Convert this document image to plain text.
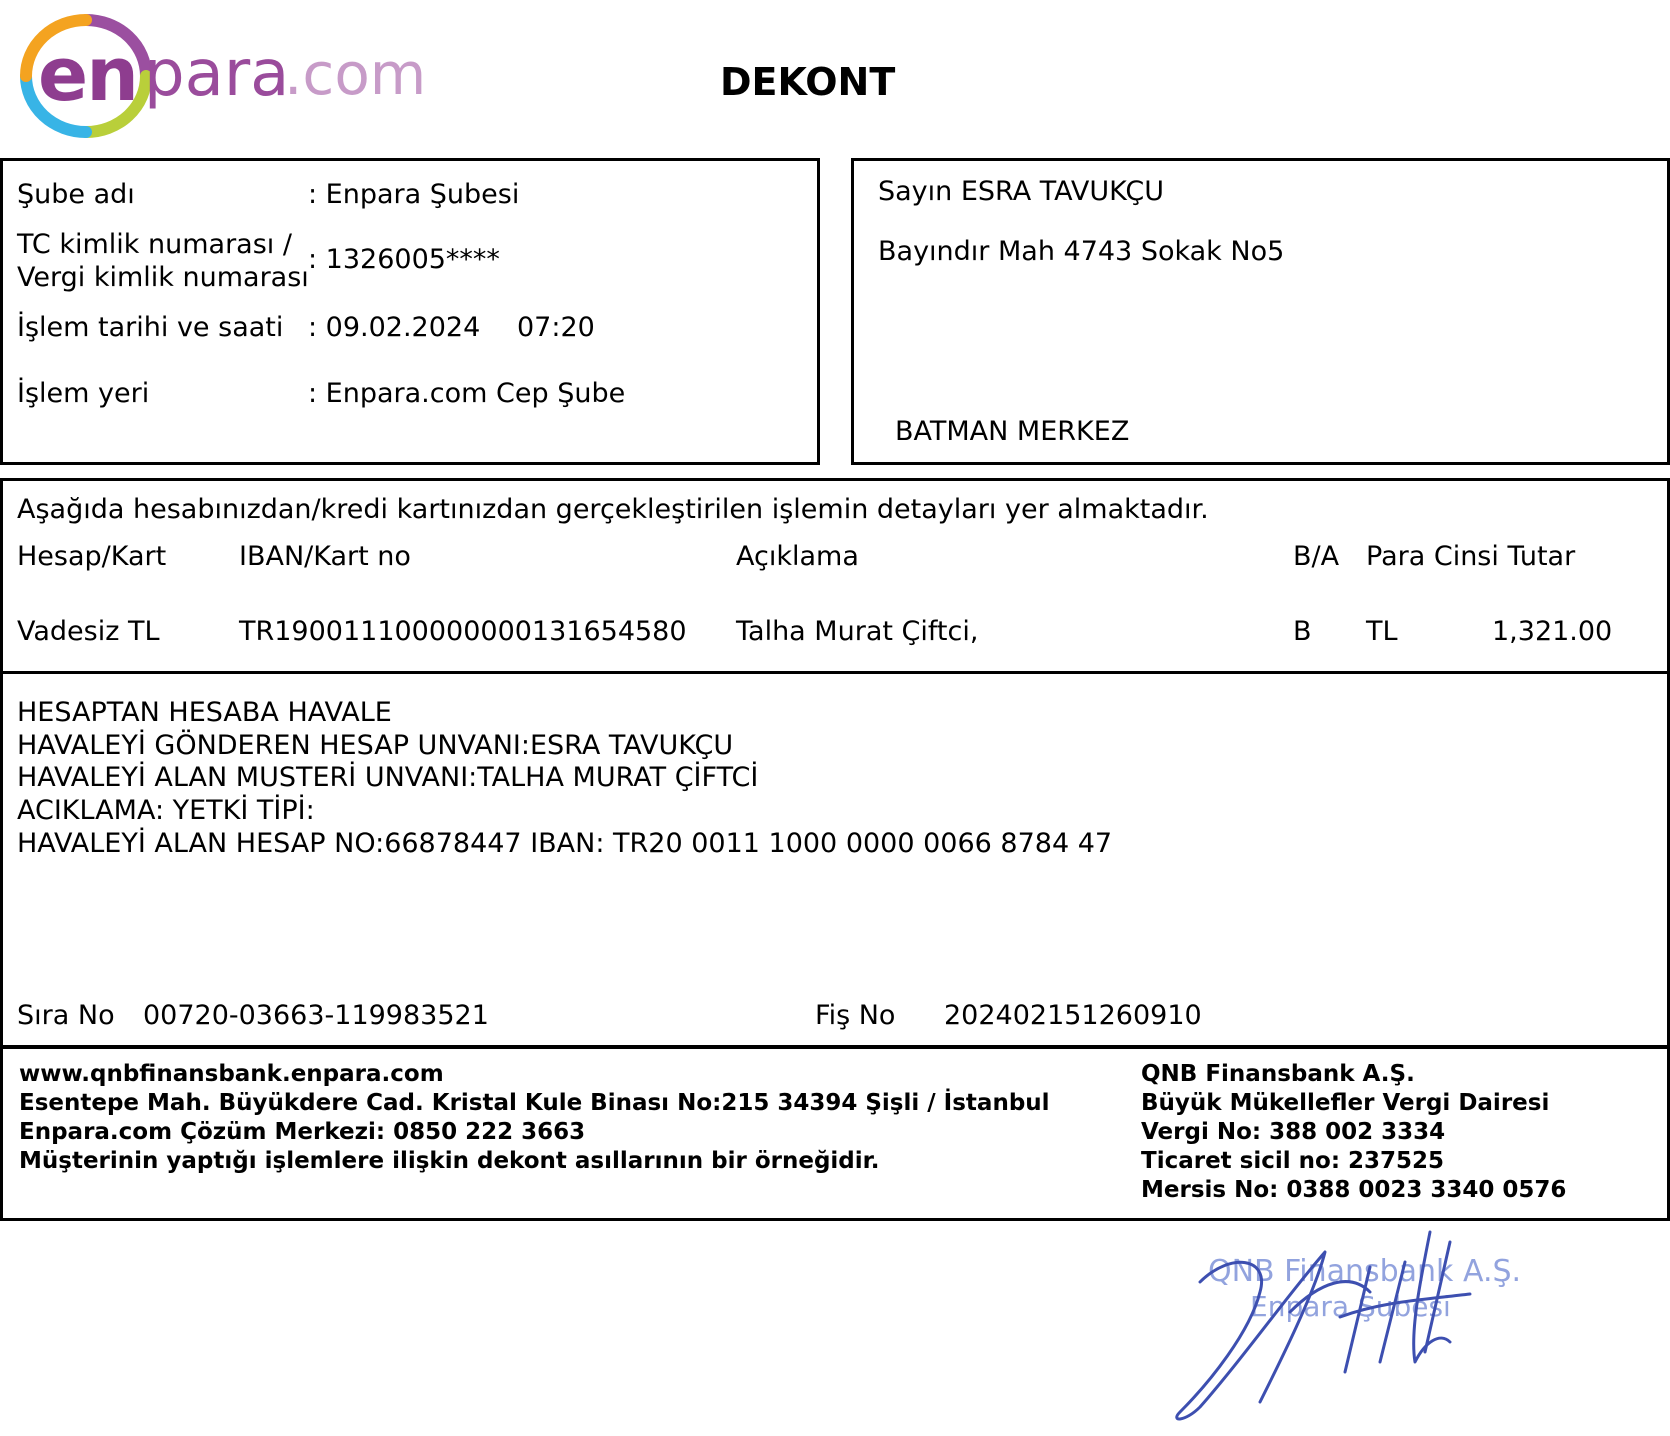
en para
.com	DEKONT
Şube adı	: Enpara Şubesi
TC kimlik numarası /
Vergi kimlik numarası
: 1326005****
İşlem tarihi ve saati : 09.02.2024 07:20
İşlem yeri	: Enpara.com Cep Şube
Sayın ESRA TAVUKÇU
Bayındır Mah 4743 Sokak No5
BATMAN MERKEZ
Aşağıda hesabınızdan/kredi kartınızdan gerçekleştirilen işlemin detayları yer almaktadır.
Hesap/Kart	IBAN/Kart no	Açıklama	B/A Para Cinsi Tutar
Vadesiz TL	TR190011100000000131654580 Talha Murat Çiftci,	B TL	1,321.00
HESAPTAN HESABA HAVALE
HAVALEYİ GÖNDEREN HESAP UNVANI:ESRA TAVUKÇU
HAVALEYİ ALAN MUSTERİ UNVANI:TALHA MURAT ÇİFTCİ
ACIKLAMA: YETKİ TİPİ:
HAVALEYİ ALAN HESAP NO:66878447 IBAN: TR20 0011 1000 0000 0066 8784 47
Sıra No 00720-03663-119983521	Fiş No 202402151260910
www.qnbfinansbank.enpara.com
Esentepe Mah. Büyükdere Cad. Kristal Kule Binası No:215 34394 Şişli / İstanbul
Enpara.com Çözüm Merkezi: 0850 222 3663
Müşterinin yaptığı işlemlere ilişkin dekont asıllarının bir örneğidir.
QNB Finansbank A.Ş.
Büyük Mükellefler Vergi Dairesi
Vergi No: 388 002 3334
Ticaret sicil no: 237525
Mersis No: 0388 0023 3340 0576
QNB Finansbank A.Ş.
Enpara Şubesi
